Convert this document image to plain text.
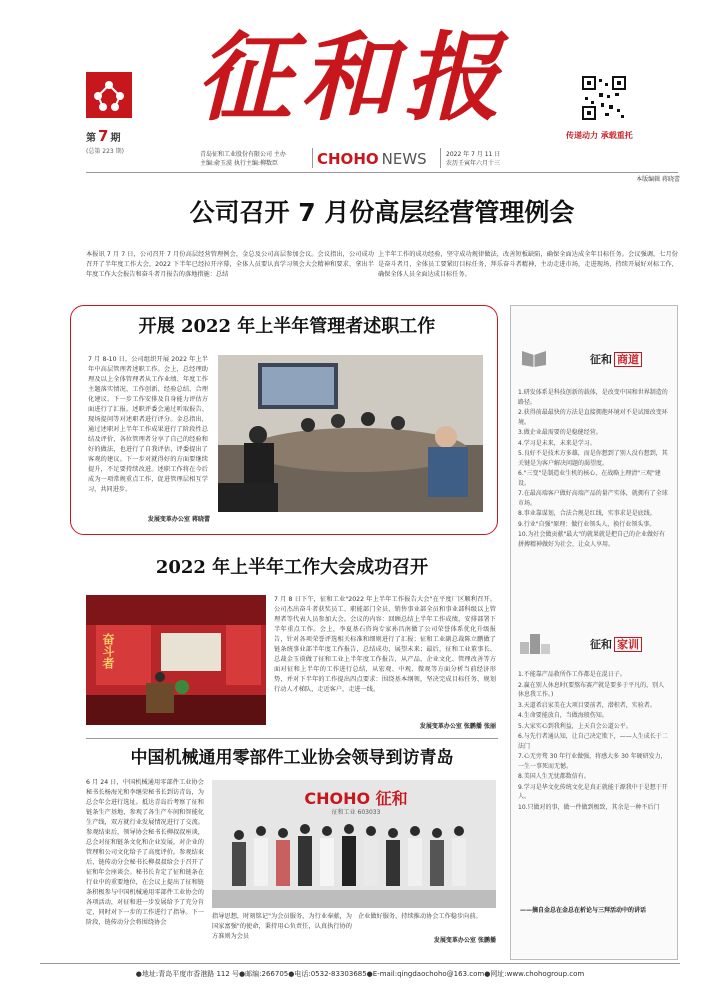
第 7 期
(总第 223 期)
征和报
传递动力 承载重托
青岛征和工业股份有限公司 主办
主编:俞玉漠 执行主编:柳数臣	CHOHO NEWS	2022 年 7 月 11 日
农历壬寅年六月十三
本版编辑 蒋晓蕾
公司召开 7 月份高层经营管理例会
本报讯 7 月 7 日，公司召开 7 月份高层经营管理例会，金总及公司高层参加会议。会议指出，公司成功召开了半年度工作大会，2022 下半年已经拉开序幕，全体人员要认真学习领会大会精神和要求，拿出半年度工作大会报告和奋斗者月报告的落地措施：总结
上半年工作的成功经验，坚守成功规律做法，改善短板缺陷，确保全面达成全年目标任务。会议强调，七月份是奋斗者月，全体员工要紧盯目标任务，拜乐奋斗者精神，主动走进市场，走进现场，持续开展好对标工作，确保全体人员全面达成目标任务。
开展 2022 年上半年管理者述职工作
7 月 8-10 日，公司组织开展 2022 年上半年中高层管理者述职工作。会上，总经理助理及以上全体管理者从工作业绩、年度工作主题落实情况、工作创新、经验总结、合理化建议、下一步工作安排及自身能力评估方面进行了汇报。述职评委会通过听取报告、现场提问等对述职者进行评分。金总指出，通过述职对上半年工作成果进行了阶段性总结及评价，各位管理者分享了自己的经验和好的做法，也进行了自我评估，评委提出了客观的建议。下一步对就得好的方面要继续提升，不足要持续改进。述职工作将在今后成为一项常规重点工作，促进管理层相互学习，共同进步。
发展变革办公室 蒋晓蕾
2022 年上半年工作大会成功召开
奋斗者
7 月 8 日下午，征和工业"2022 年上半年工作报告大会"在平度厂区顺利召开。公司杰出奋斗者获奖员工、职能部门全员、销售事业部全员和事业部科级以上管理者等代表人员参加大会。会议的内容：回顾总结上半年工作成绩，安排部署下半年重点工作。会上，李夏基石咨询专家孙昌南做了公司荣誉体系优化升级报告，针对各项荣誉评选相关标准和细则进行了汇报；征和工业副总裁陈立鹏做了链条统事业部半年度工作报告，总结成功，展望未来；最后，征和工业董事长、总裁金玉谟做了征和工业上半年度工作报告，从产品、企业文化、管理改善等方面对征和上半年的工作进行总结，从宏观、中观、微观等方面分析当前经济形势，并对下半年的工作提出四点要求：围绕基本纲领，坚决完成目标任务，规划行动人才梯队，走近客户，走进一线。
发展变革办公室 张鹏播 张丽
中国机械通用零部件工业协会领导到访青岛
6 月 24 日，中国机械通用零部件工业协会秘书长杨海光和李继荣秘书长到访青岛，为总会年会进行选址。抵达青岛后考察了征和链条生产基地，参观了各生产车间和智能化生产线，双方就行业发展情况进行了交流。参观结束后，领导协会秘书长柳叔叔座谈，总会对征和链条文化和企业发展，对企业的管理和公司文化给予了高度评价。参观结束后，链传动分会秘书长柳叔叔给会于召开了征和年会座谈会。秘书长肯定了征和链条在行业中的重要地位，在会议上提出了征和链条积极参与中国机械通用零部件工业协会的各项活动，对征和进一步发展给予了充分肯定，同时对下一步的工作进行了指导。下一阶段，链传动分会将围绕协会
CHOHO 征和
征和工业 603033
指导思想，时刻铭记"为会员服务，为行业奉献，为国家富强"的使命，秉持用心负责任，认真执行协的方准则为会员
企业做好服务，持续推动协会工作稳步向前。
发展变革办公室 张鹏播
征和 商道
1.研发体系是科技创新的载体，是改变中国和世界制造的路径。
2.获得前最最快的方法是直接拥抱环境对不是试图改变环境。
3.做企业最需要的是稳健经营。
4.学习是未来，未来是学习。
5.良好不是技术方多雄，而是你想到了别人没有想到，其关键是为客户解决问题的渴望度。
6."三变"是制造业生机的核心，在战略上理清"三观"建设。
7.在最高端客户做好高端产品的量产实体，就拥有了全球市场。
8.事业靠谋划，合法合规是红线，实事求是是底线。
9.行业"自强"原理：做行业领头人，换行业领头事。
10.为社会做贡献"最大"的就果就是把自己的企业做好有拼搏精神做好为社会，让众人享用。
征和 家训
1.不能靠产品救所作工作都是在混日子。
2.赢在别人休息时(要熬布赛产就是要多于平凡的，别人休息我工作。)
3.天道希启家美在大项目要前者，潜积者，实验者。
4.生命要能放自，当做海般伤知。
5.大家实心到我利益，上天自会公道公平。
6.与先行者通认知，让自己决定欺下，——人生成长于二法门
7.心无旁骛 30 年行业做强，将感大多 30 年硬研发力，一生一事死而无憾。
8.美国人生无忧都数信有。
9.学习是华文化传统文化是真正就能于源我中于是想于开人。
10.只做对的事，做一件做到极致，其余是一种不后门
——摘自金总在金总在析论与三拜活动中的讲话
●地址:青岛平度市香港路 112 号●邮编:266705●电话:0532-83303685●E-mail:qingdaochoho@163.com●网址:www.chohogroup.com
